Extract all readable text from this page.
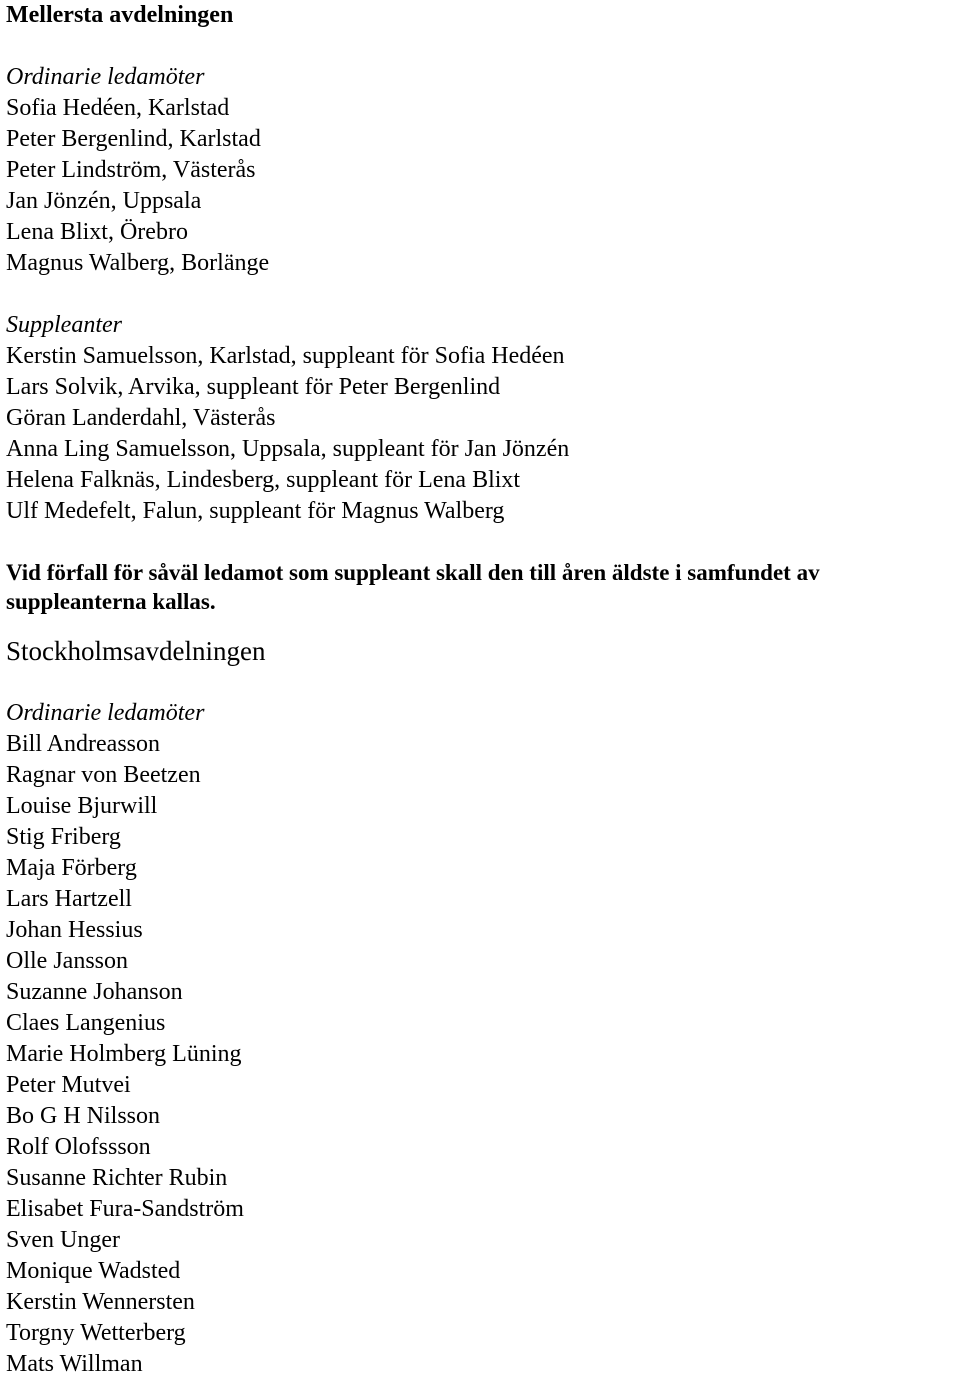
Mellersta avdelningen
Ordinarie ledamöter
Sofia Hedéen, Karlstad
Peter Bergenlind, Karlstad
Peter Lindström, Västerås
Jan Jönzén, Uppsala
Lena Blixt, Örebro
Magnus Walberg, Borlänge
Suppleanter
Kerstin Samuelsson, Karlstad, suppleant för Sofia Hedéen
Lars Solvik, Arvika, suppleant för Peter Bergenlind
Göran Landerdahl, Västerås
Anna Ling Samuelsson, Uppsala, suppleant för Jan Jönzén
Helena Falknäs, Lindesberg, suppleant för Lena Blixt
Ulf Medefelt, Falun, suppleant för Magnus Walberg
Vid förfall för såväl ledamot som suppleant skall den till åren äldste i samfundet av suppleanterna kallas.
Stockholmsavdelningen
Ordinarie ledamöter
Bill Andreasson
Ragnar von Beetzen
Louise Bjurwill
Stig Friberg
Maja Förberg
Lars Hartzell
Johan Hessius
Olle Jansson
Suzanne Johanson
Claes Langenius
Marie Holmberg Lüning
Peter Mutvei
Bo G H Nilsson
Rolf Olofssson
Susanne Richter Rubin
Elisabet Fura-Sandström
Sven Unger
Monique Wadsted
Kerstin Wennersten
Torgny Wetterberg
Mats Willman
